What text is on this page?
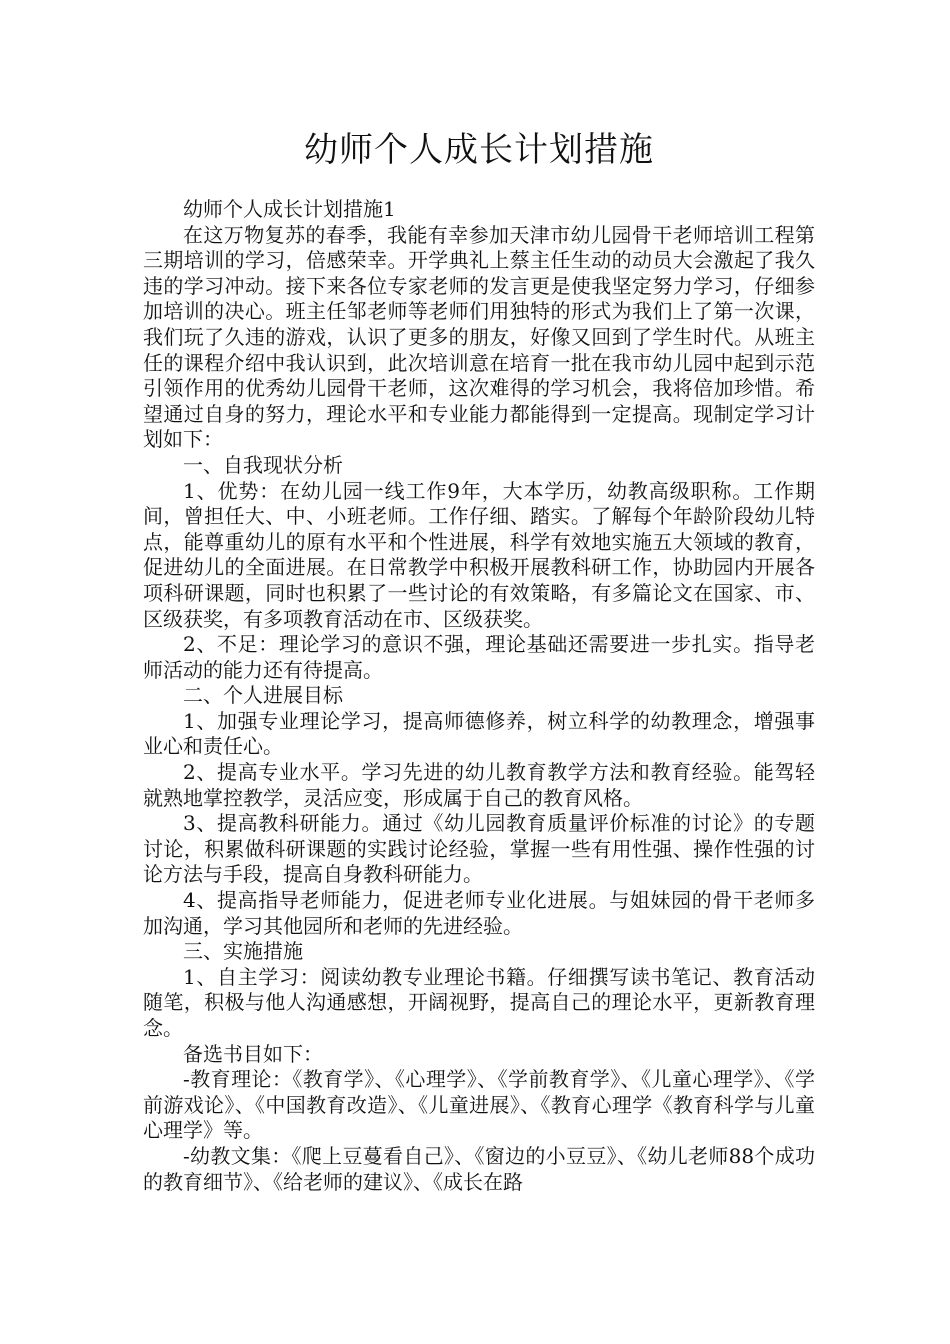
幼师个人成长计划措施

幼师个人成长计划措施1

在这万物复苏的春季，我能有幸参加天津市幼儿园骨干老师培训工程第三期培训的学习，倍感荣幸。开学典礼上蔡主任生动的动员大会激起了我久违的学习冲动。接下来各位专家老师的发言更是使我坚定努力学习，仔细参加培训的决心。班主任邹老师等老师们用独特的形式为我们上了第一次课，我们玩了久违的游戏，认识了更多的朋友，好像又回到了学生时代。从班主任的课程介绍中我认识到，此次培训意在培育一批在我市幼儿园中起到示范引领作用的优秀幼儿园骨干老师，这次难得的学习机会，我将倍加珍惜。希望通过自身的努力，理论水平和专业能力都能得到一定提高。现制定学习计划如下：

一、自我现状分析

1、优势：在幼儿园一线工作9年，大本学历，幼教高级职称。工作期间，曾担任大、中、小班老师。工作仔细、踏实。了解每个年龄阶段幼儿特点，能尊重幼儿的原有水平和个性进展，科学有效地实施五大领域的教育，促进幼儿的全面进展。在日常教学中积极开展教科研工作，协助园内开展各项科研课题，同时也积累了一些讨论的有效策略，有多篇论文在国家、市、区级获奖，有多项教育活动在市、区级获奖。

2、不足：理论学习的意识不强，理论基础还需要进一步扎实。指导老师活动的能力还有待提高。

二、个人进展目标

1、加强专业理论学习，提高师德修养，树立科学的幼教理念，增强事业心和责任心。

2、提高专业水平。学习先进的幼儿教育教学方法和教育经验。能驾轻就熟地掌控教学，灵活应变，形成属于自己的教育风格。

3、提高教科研能力。通过《幼儿园教育质量评价标准的讨论》的专题讨论，积累做科研课题的实践讨论经验，掌握一些有用性强、操作性强的讨论方法与手段，提高自身教科研能力。

4、提高指导老师能力，促进老师专业化进展。与姐妹园的骨干老师多加沟通，学习其他园所和老师的先进经验。

三、实施措施

1、自主学习：阅读幼教专业理论书籍。仔细撰写读书笔记、教育活动随笔，积极与他人沟通感想，开阔视野，提高自己的理论水平，更新教育理念。

备选书目如下：

-教育理论：《教育学》、《心理学》、《学前教育学》、《儿童心理学》、《学前游戏论》、《中国教育改造》、《儿童进展》、《教育心理学《教育科学与儿童心理学》等。

-幼教文集：《爬上豆蔓看自己》、《窗边的小豆豆》、《幼儿老师88个成功的教育细节》、《给老师的建议》、《成长在路
